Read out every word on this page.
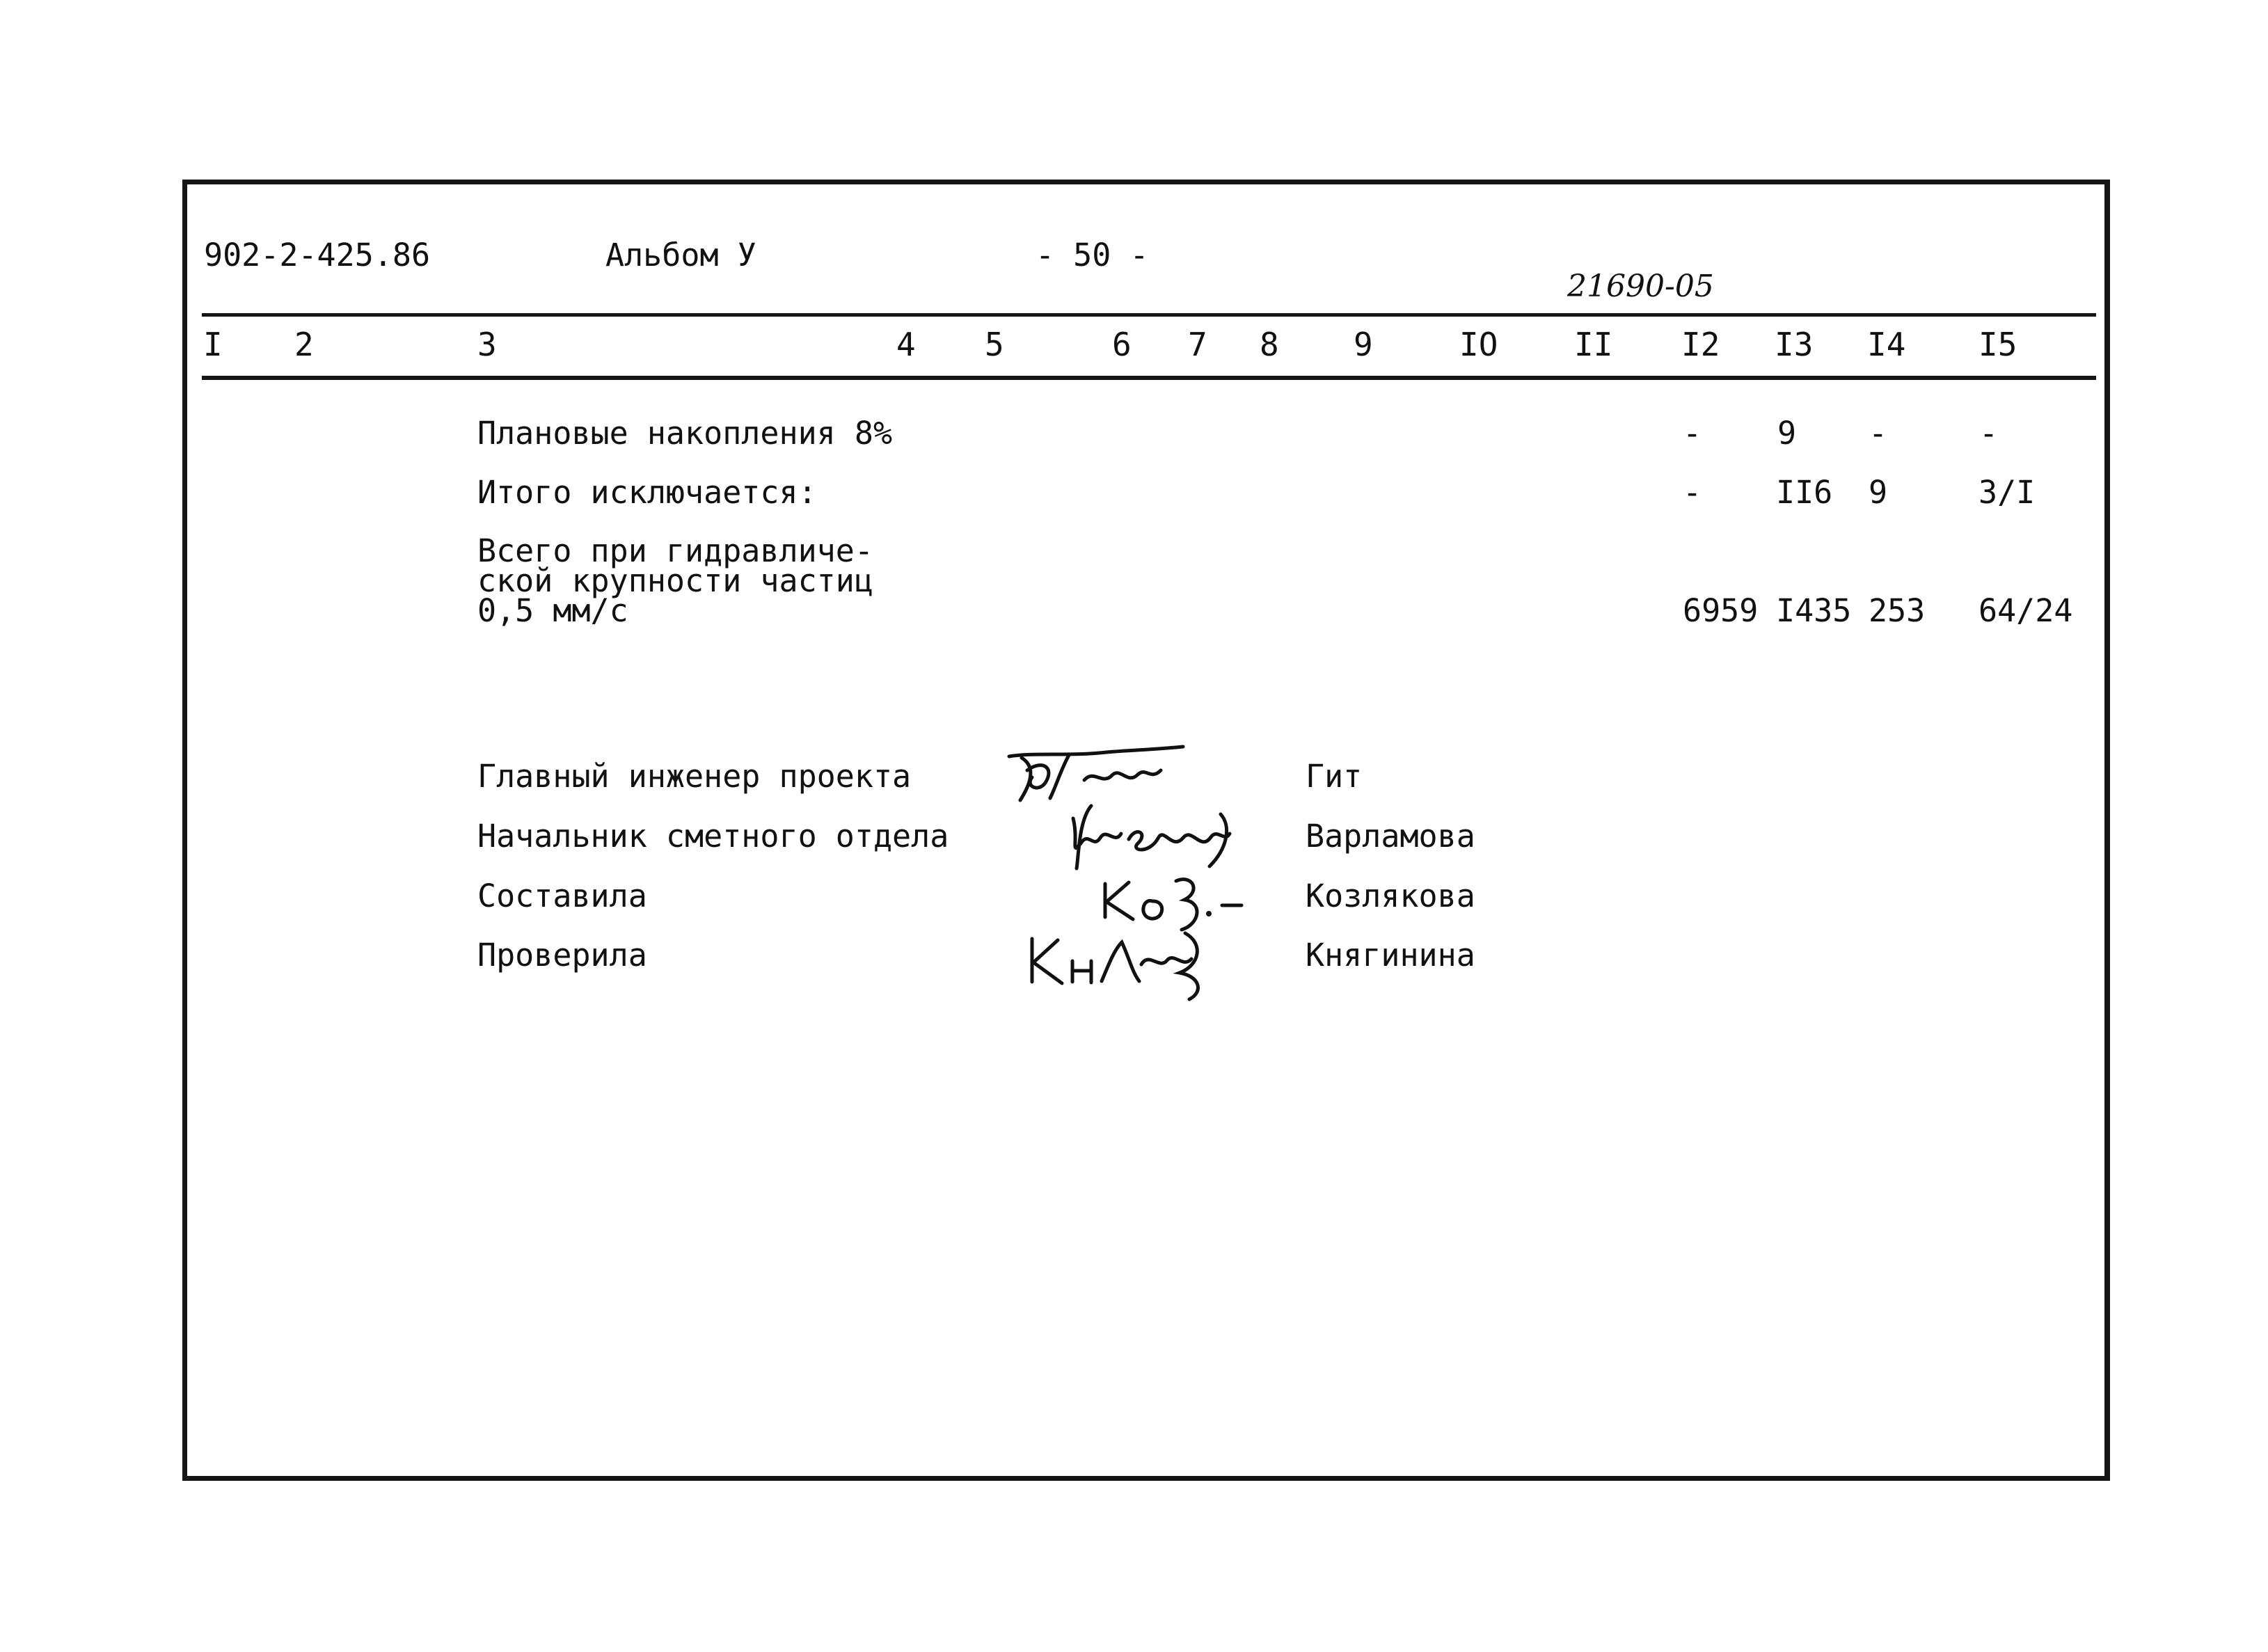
902-2-425.86	Альбом У	- 50 -
21690-05
I 2	3	4 5	6 7 8 9	IO II I2 I3 I4 I5
Плановые накопления 8%	- 9 -	-
Итого исключается:	- II6 9	3/I
Всего при гидравличе-
ской крупности частиц
0,5 мм/с	6959 I435 253 64/24
Главный инженер проекта	Гит
Начальник сметного отдела	Варламова
Составила	Козлякова
Проверила	Княгинина
